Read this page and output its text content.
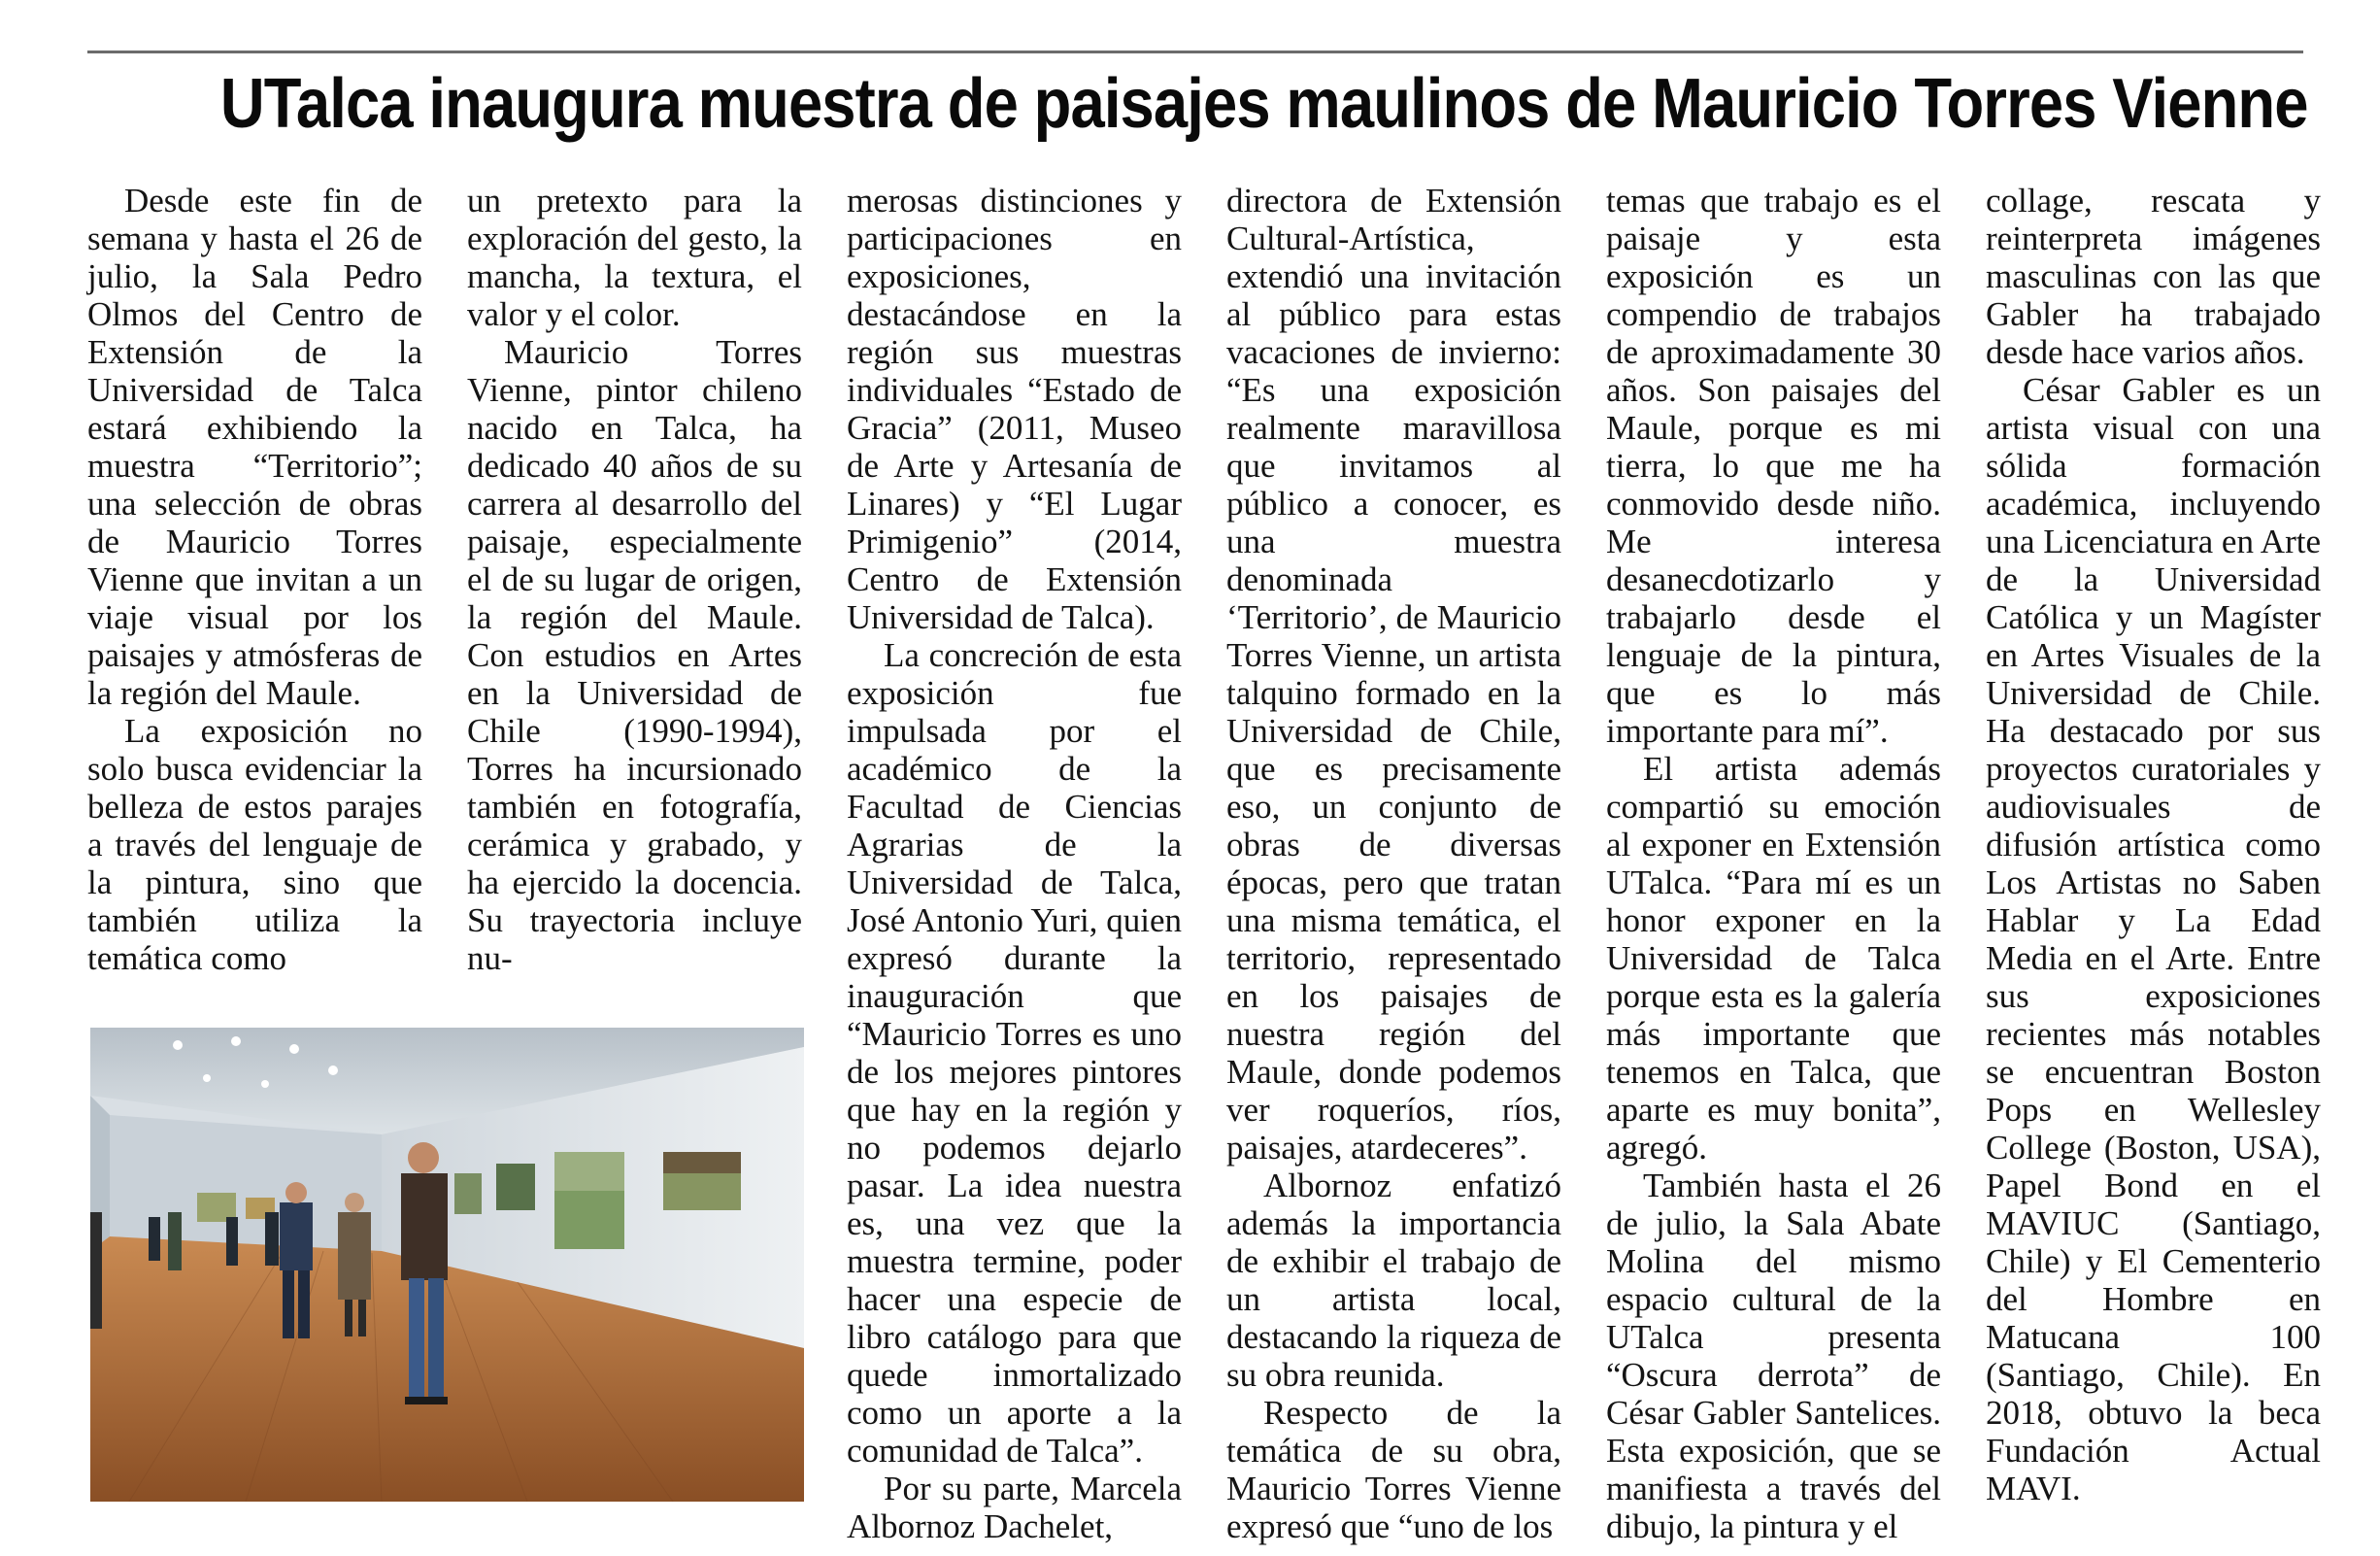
UTalca inaugura muestra de paisajes maulinos de Mauricio Torres Vienne

Desde este fin de semana y hasta el 26 de julio, la Sala Pedro Olmos del Centro de Extensión de la Universidad de Talca estará exhibiendo la muestra “Territorio”; una selección de obras de Mauricio Torres Vienne que invitan a un viaje visual por los paisajes y atmósferas de la región del Maule.

La exposición no solo busca evidenciar la belleza de estos parajes a través del lenguaje de la pintura, sino que también utiliza la temática como

un pretexto para la exploración del gesto, la mancha, la textura, el valor y el color.

Mauricio Torres Vienne, pintor chileno nacido en Talca, ha dedicado 40 años de su carrera al desarrollo del paisaje, especialmente el de su lugar de origen, la región del Maule. Con estudios en Artes en la Universidad de Chile (1990-1994), Torres ha incursionado también en fotografía, cerámica y grabado, y ha ejercido la docencia. Su trayectoria incluye nu-

merosas distinciones y participaciones en exposiciones, destacándose en la región sus muestras individuales “Estado de Gracia” (2011, Museo de Arte y Artesanía de Linares) y “El Lugar Primigenio” (2014, Centro de Extensión Universidad de Talca).

La concreción de esta exposición fue impulsada por el académico de la Facultad de Ciencias Agrarias de la Universidad de Talca, José Antonio Yuri, quien expresó durante la inauguración que “Mauricio Torres es uno de los mejores pintores que hay en la región y no podemos dejarlo pasar. La idea nuestra es, una vez que la muestra termine, poder hacer una especie de libro catálogo para que quede inmortalizado como un aporte a la comunidad de Talca”.

Por su parte, Marcela Albornoz Dachelet,

directora de Extensión Cultural-Artística, extendió una invitación al público para estas vacaciones de invierno: “Es una exposición realmente maravillosa que invitamos al público a conocer, es una muestra denominada ‘Territorio’, de Mauricio Torres Vienne, un artista talquino formado en la Universidad de Chile, que es precisamente eso, un conjunto de obras de diversas épocas, pero que tratan una misma temática, el territorio, representado en los paisajes de nuestra región del Maule, donde podemos ver roqueríos, ríos, paisajes, atardeceres”.

Albornoz enfatizó además la importancia de exhibir el trabajo de un artista local, destacando la riqueza de su obra reunida.

Respecto de la temática de su obra, Mauricio Torres Vienne expresó que “uno de los

temas que trabajo es el paisaje y esta exposición es un compendio de trabajos de aproximadamente 30 años. Son paisajes del Maule, porque es mi tierra, lo que me ha conmovido desde niño. Me interesa desanecdotizarlo y trabajarlo desde el lenguaje de la pintura, que es lo más importante para mí”.

El artista además compartió su emoción al exponer en Extensión UTalca. “Para mí es un honor exponer en la Universidad de Talca porque esta es la galería más importante que tenemos en Talca, que aparte es muy bonita”, agregó.

También hasta el 26 de julio, la Sala Abate Molina del mismo espacio cultural de la UTalca presenta “Oscura derrota” de César Gabler Santelices. Esta exposición, que se manifiesta a través del dibujo, la pintura y el

collage, rescata y reinterpreta imágenes masculinas con las que Gabler ha trabajado desde hace varios años.

César Gabler es un artista visual con una sólida formación académica, incluyendo una Licenciatura en Arte de la Universidad Católica y un Magíster en Artes Visuales de la Universidad de Chile. Ha destacado por sus proyectos curatoriales y audiovisuales de difusión artística como Los Artistas no Saben Hablar y La Edad Media en el Arte. Entre sus exposiciones recientes más notables se encuentran Boston Pops en Wellesley College (Boston, USA), Papel Bond en el MAVIUC (Santiago, Chile) y El Cementerio del Hombre en Matucana 100 (Santiago, Chile). En 2018, obtuvo la beca Fundación Actual MAVI.
